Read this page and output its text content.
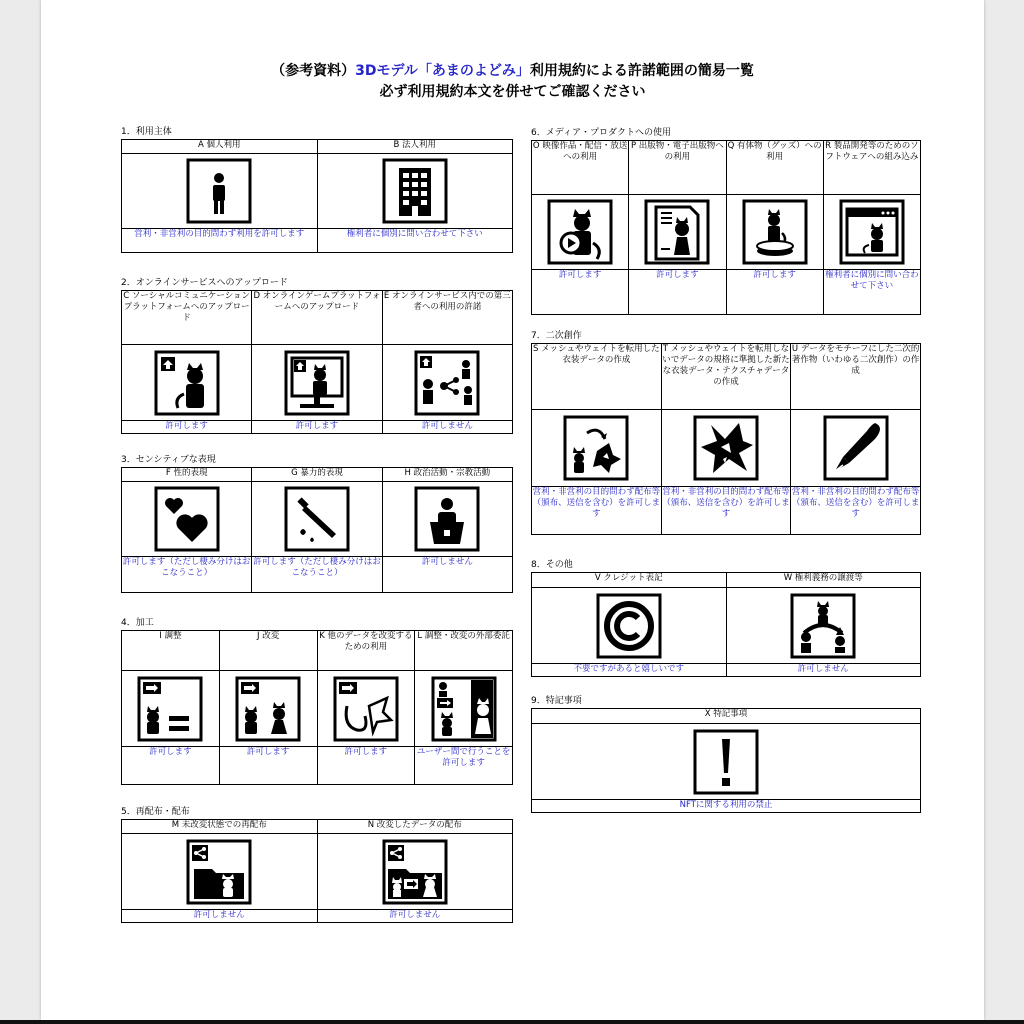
（参考資料）3Dモデル「あまのよどみ」利用規約による許諾範囲の簡易一覧
必ず利用規約本文を併せてご確認ください
1．利用主体
A 個人利用	B 法人利用

営利・非営利の目的問わず利用を許可します	権利者に個別に問い合わせて下さい
2．オンラインサービスへのアップロード
C ソーシャルコミュニケーションプラットフォームへのアップロード	D オンラインゲームプラットフォームへのアップロード	E オンラインサービス内での第三者への利用の許諾

許可します	許可します	許可しません
3．センシティブな表現
F 性的表現	G 暴力的表現	H 政治活動・宗教活動

許可します（ただし棲み分けはおこなうこと）	許可します（ただし棲み分けはおこなうこと）	許可しません
4．加工
I 調整	J 改変	K 他のデータを改変するための利用	L 調整・改変の外部委託

許可します	許可します	許可します	ユーザー間で行うことを許可します
5．再配布・配布
M 未改変状態での再配布	N 改変したデータの配布

許可しません	許可しません
6．メディア・プロダクトへの使用
O 映像作品・配信・放送への利用	P 出版物・電子出版物への利用	Q 有体物（グッズ）への利用	R 製品開発等のためのソフトウェアへの組み込み

許可します	許可します	許可します	権利者に個別に問い合わせて下さい
7．二次創作
S メッシュやウェイトを転用した衣装データの作成	T メッシュやウェイトを転用しないでデータの規格に準拠した新たな衣装データ・テクスチャデータの作成	U データをモチーフにした二次的著作物（いわゆる二次創作）の作成

営利・非営利の目的問わず配布等（頒布、送信を含む）を許可します	営利・非営利の目的問わず配布等（頒布、送信を含む）を許可します	営利・非営利の目的問わず配布等（頒布、送信を含む）を許可します
8．その他
V クレジット表記	W 権利義務の譲渡等

不要ですがあると嬉しいです	許可しません
9．特記事項
X 特記事項

NFTに関する利用の禁止
